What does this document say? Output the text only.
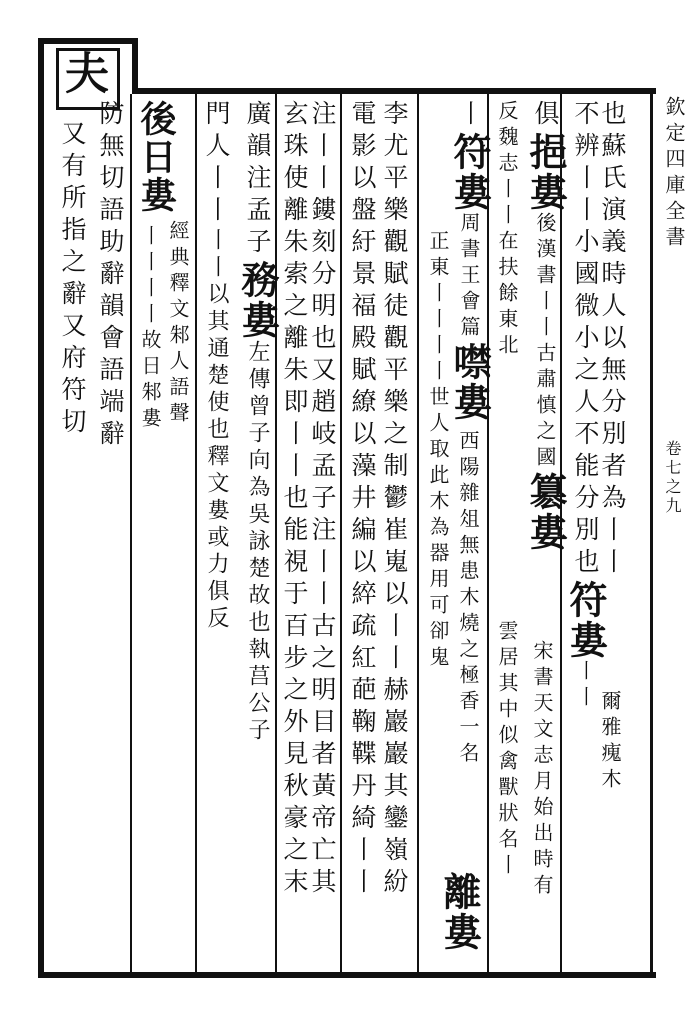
欽定四庫全書
卷七之九
夫
也蘇氏演義時人以無分別者為丨丨
不辨丨丨小國微小之人不能分別也符婁丨丨
爾雅瘣木
俱挹婁後漢書丨丨古肅慎之國簒婁
宋書天文志月始出時有
反魏志丨丨在扶餘東北
雲居其中似禽獸狀名丨
丨符婁周書王會篇噤婁
西陽雜俎無患木燒之極香一名
正東丨丨丨丨世人取此木為器用可卻鬼
離婁
李尤平樂觀賦徒觀平樂之制鬱崔嵬以丨丨赫巖巖其鑾嶺紛
電影以盤紆景福殿賦繚以藻井編以綷疏紅葩鞠鞢丹綺丨丨
注丨丨鏤刻分明也又趙岐孟子注丨丨古之明目者黃帝亡其
玄珠使離朱索之離朱即丨丨也能視于百步之外見秋豪之末
廣韻注孟子務婁左傳曾子向為吳詠楚故也執莒公子
門人丨丨丨丨以其通楚使也釋文婁或力俱反
後日婁
經典釋文邾人語聲
丨丨丨丨故日邾婁
防無切語助辭韻會語端辭
又有所指之辭又府符切
